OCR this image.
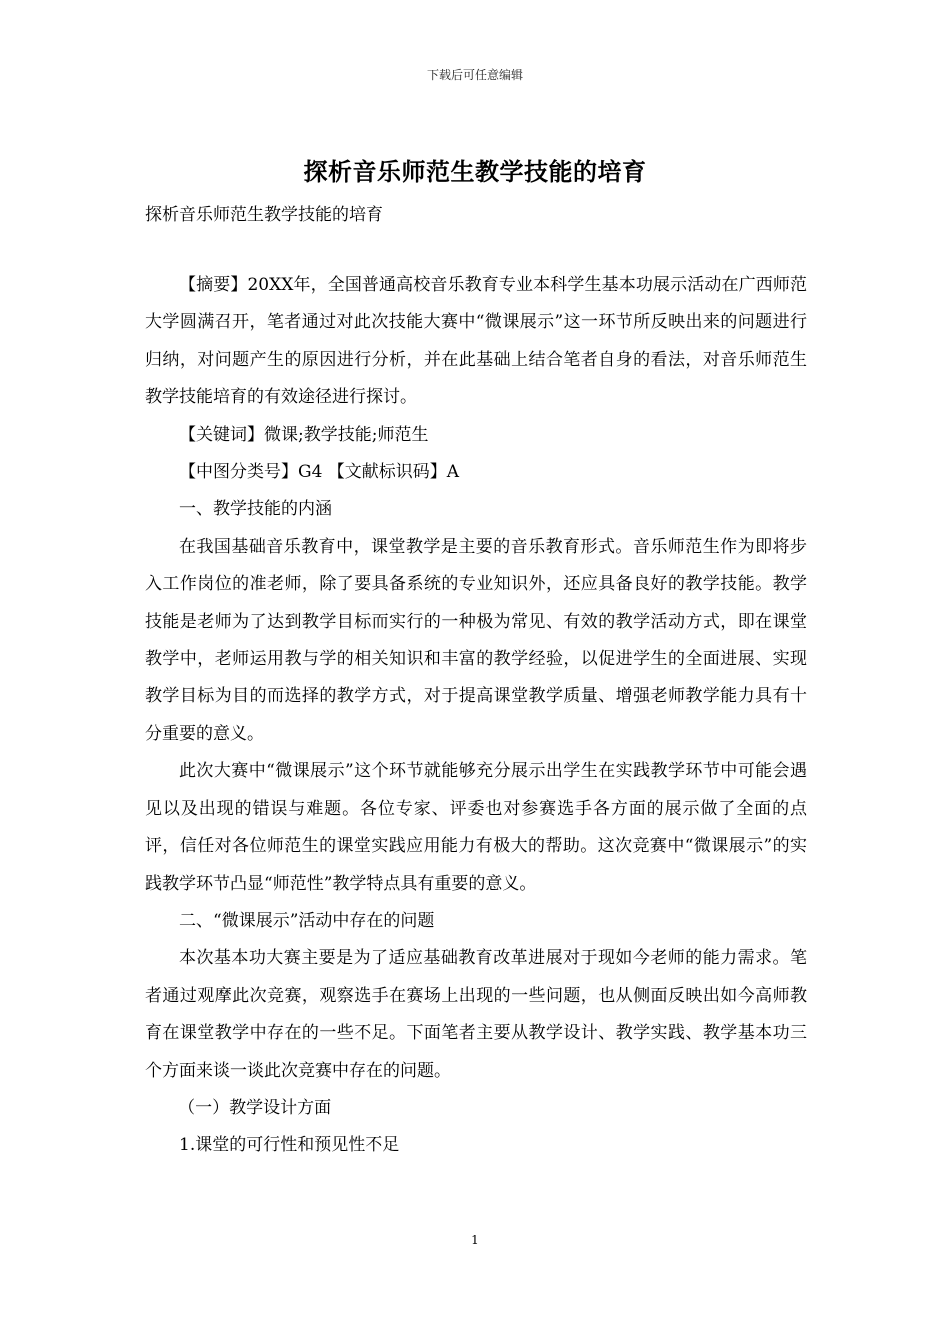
下载后可任意编辑
探析音乐师范生教学技能的培育
探析音乐师范生教学技能的培育

【摘要】20XX年，全国普通高校音乐教育专业本科学生基本功展示活动在广西师范大学圆满召开，笔者通过对此次技能大赛中“微课展示”这一环节所反映出来的问题进行归纳，对问题产生的原因进行分析，并在此基础上结合笔者自身的看法，对音乐师范生教学技能培育的有效途径进行探讨。

【关键词】微课;教学技能;师范生

【中图分类号】G4 【文献标识码】A

一、教学技能的内涵

在我国基础音乐教育中，课堂教学是主要的音乐教育形式。音乐师范生作为即将步入工作岗位的准老师，除了要具备系统的专业知识外，还应具备良好的教学技能。教学技能是老师为了达到教学目标而实行的一种极为常见、有效的教学活动方式，即在课堂教学中，老师运用教与学的相关知识和丰富的教学经验，以促进学生的全面进展、实现教学目标为目的而选择的教学方式，对于提高课堂教学质量、增强老师教学能力具有十分重要的意义。

此次大赛中“微课展示”这个环节就能够充分展示出学生在实践教学环节中可能会遇见以及出现的错误与难题。各位专家、评委也对参赛选手各方面的展示做了全面的点评，信任对各位师范生的课堂实践应用能力有极大的帮助。这次竞赛中“微课展示”的实践教学环节凸显“师范性”教学特点具有重要的意义。

二、“微课展示”活动中存在的问题

本次基本功大赛主要是为了适应基础教育改革进展对于现如今老师的能力需求。笔者通过观摩此次竞赛，观察选手在赛场上出现的一些问题，也从侧面反映出如今高师教育在课堂教学中存在的一些不足。下面笔者主要从教学设计、教学实践、教学基本功三个方面来谈一谈此次竞赛中存在的问题。

（一）教学设计方面

1.课堂的可行性和预见性不足

1
